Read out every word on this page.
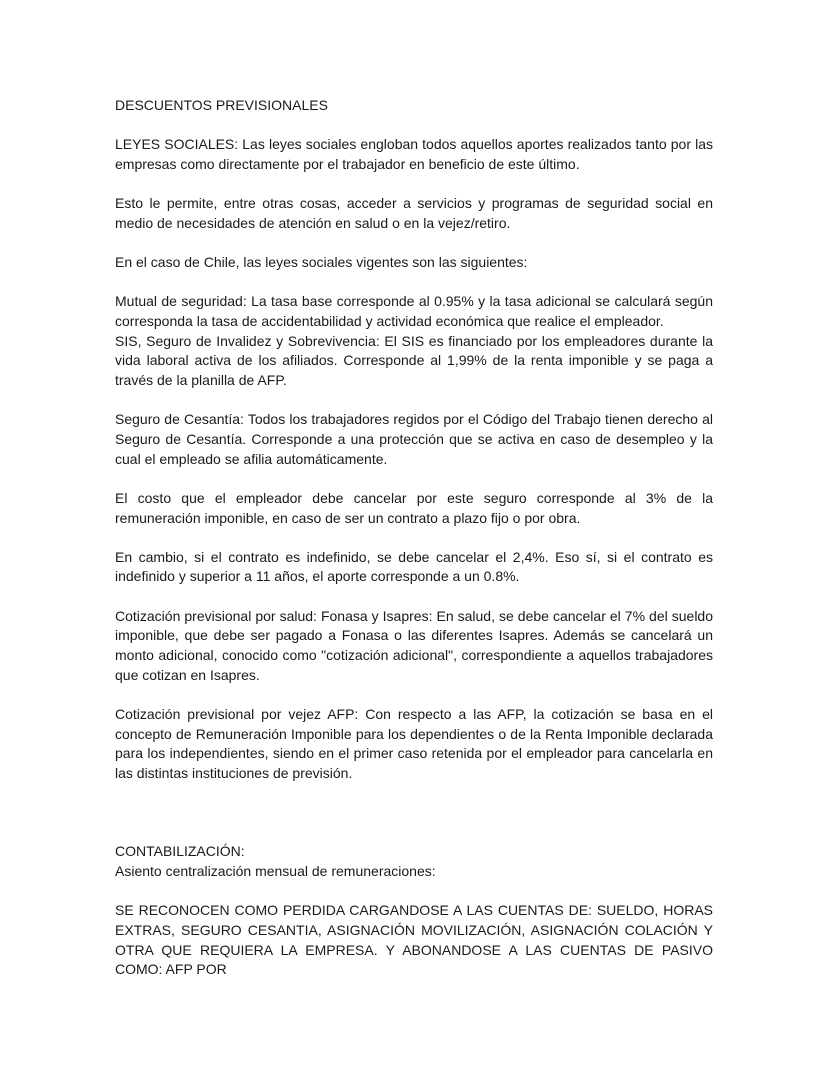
DESCUENTOS PREVISIONALES

LEYES SOCIALES: Las leyes sociales engloban todos aquellos aportes realizados tanto por las empresas como directamente por el trabajador en beneficio de este último.

Esto le permite, entre otras cosas, acceder a servicios y programas de seguridad social en medio de necesidades de atención en salud o en la vejez/retiro.

En el caso de Chile, las leyes sociales vigentes son las siguientes:

Mutual de seguridad: La tasa base corresponde al 0.95% y la tasa adicional se calculará según corresponda la tasa de accidentabilidad y actividad económica que realice el empleador.

SIS, Seguro de Invalidez y Sobrevivencia: El SIS es financiado por los empleadores durante la vida laboral activa de los afiliados. Corresponde al 1,99% de la renta imponible y se paga a través de la planilla de AFP.

Seguro de Cesantía: Todos los trabajadores regidos por el Código del Trabajo tienen derecho al Seguro de Cesantía. Corresponde a una protección que se activa en caso de desempleo y la cual el empleado se afilia automáticamente.

El costo que el empleador debe cancelar por este seguro corresponde al 3% de la remuneración imponible, en caso de ser un contrato a plazo fijo o por obra.

En cambio, si el contrato es indefinido, se debe cancelar el 2,4%. Eso sí, si el contrato es indefinido y superior a 11 años, el aporte corresponde a un 0.8%.

Cotización previsional por salud: Fonasa y Isapres: En salud, se debe cancelar el 7% del sueldo imponible, que debe ser pagado a Fonasa o las diferentes Isapres. Además se cancelará un monto adicional, conocido como "cotización adicional", correspondiente a aquellos trabajadores que cotizan en Isapres.

Cotización previsional por vejez AFP: Con respecto a las AFP, la cotización se basa en el concepto de Remuneración Imponible para los dependientes o de la Renta Imponible declarada para los independientes, siendo en el primer caso retenida por el empleador para cancelarla en las distintas instituciones de previsión.

CONTABILIZACIÓN:

Asiento centralización mensual de remuneraciones:

SE RECONOCEN COMO PERDIDA CARGANDOSE A LAS CUENTAS DE: SUELDO, HORAS EXTRAS, SEGURO CESANTIA, ASIGNACIÓN MOVILIZACIÓN, ASIGNACIÓN COLACIÓN Y OTRA QUE REQUIERA LA EMPRESA. Y ABONANDOSE A LAS CUENTAS DE PASIVO COMO: AFP POR
